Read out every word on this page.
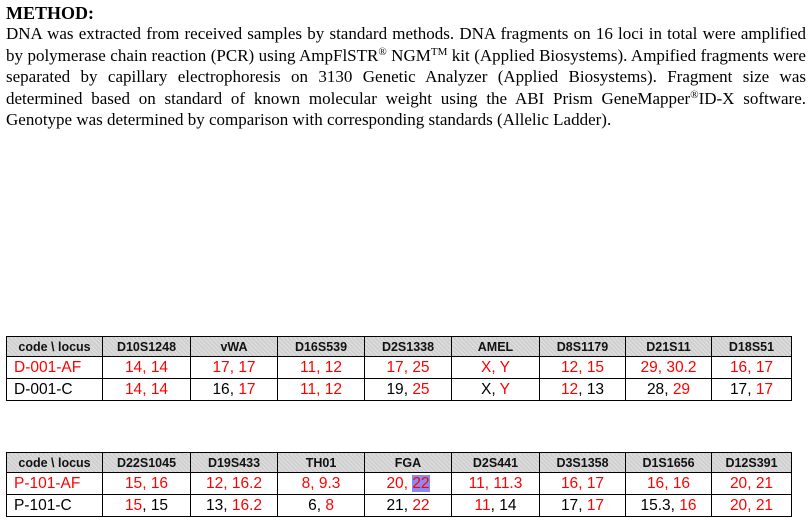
METHOD:

DNA was extracted from received samples by standard methods. DNA fragments on 16 loci in total were amplified by polymerase chain reaction (PCR) using AmpFlSTR® NGM™ kit (Applied Biosystems). Ampified fragments were separated by capillary electrophoresis on 3130 Genetic Analyzer (Applied Biosystems). Fragment size was determined based on standard of known molecular weight using the ABI Prism GeneMapper®ID-X software. Genotype was determined by comparison with corresponding standards (Allelic Ladder).

code \ locus	D10S1248	vWA	D16S539	D2S1338	AMEL	D8S1179	D21S11	D18S51
D-001-AF	14, 14	17, 17	11, 12	17, 25	X, Y	12, 15	29, 30.2	16, 17
D-001-C	14, 14	16, 17	11, 12	19, 25	X, Y	12, 13	28, 29	17, 17
code \ locus	D22S1045	D19S433	TH01	FGA	D2S441	D3S1358	D1S1656	D12S391
P-101-AF	15, 16	12, 16.2	8, 9.3	20, 22	11, 11.3	16, 17	16, 16	20, 21
P-101-C	15, 15	13, 16.2	6, 8	21, 22	11, 14	17, 17	15.3, 16	20, 21
